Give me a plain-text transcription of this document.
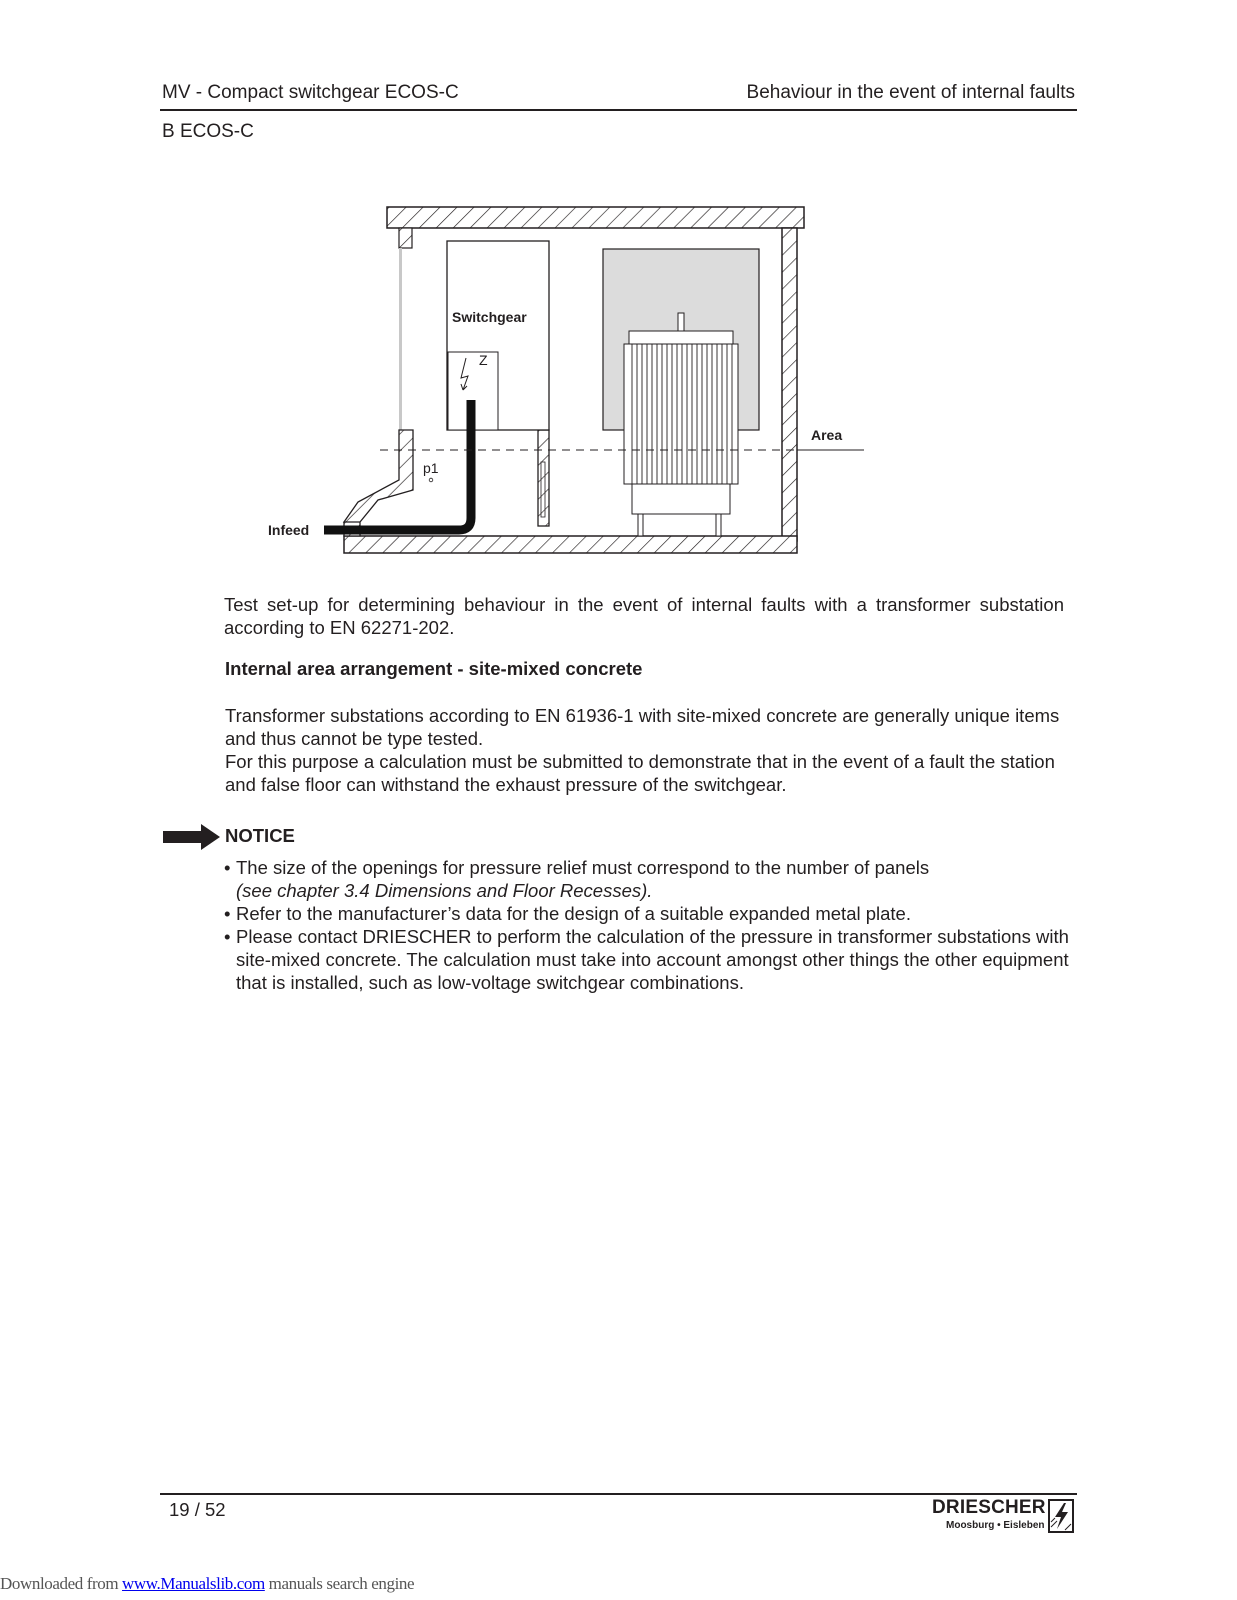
MV - Compact switchgear ECOS-C	Behaviour in the event of internal faults
B ECOS-C
Switchgear
Z
Infeed
p1
Area
Test set-up for determining behaviour in the event of internal faults with a transformer substation according to EN 62271-202.
Internal area arrangement - site-mixed concrete

Transformer substations according to EN 61936-1 with site-mixed concrete are generally unique items and thus cannot be type tested.

For this purpose a calculation must be submitted to demonstrate that in the event of a fault the station and false floor can withstand the exhaust pressure of the switchgear.

NOTICE
• The size of the openings for pressure relief must correspond to the number of panels
(see chapter 3.4 Dimensions and Floor Recesses).
• Refer to the manufacturer’s data for the design of a suitable expanded metal plate.
• Please contact DRIESCHER to perform the calculation of the pressure in transformer substations with site-mixed concrete. The calculation must take into account amongst other things the other equipment that is installed, such as low-voltage switchgear combinations.
19 / 52	DRIESCHER
Moosburg • Eisleben
Downloaded from www.Manualslib.com manuals search engine
